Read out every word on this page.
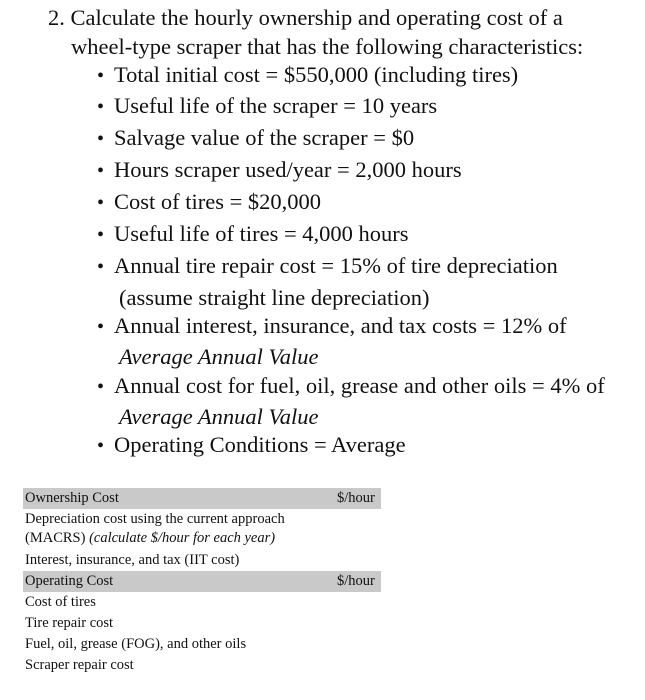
2. Calculate the hourly ownership and operating cost of a
wheel-type scraper that has the following characteristics:
• Total initial cost = $550,000 (including tires)
• Useful life of the scraper = 10 years
• Salvage value of the scraper = $0
• Hours scraper used/year = 2,000 hours
• Cost of tires = $20,000
• Useful life of tires = 4,000 hours
• Annual tire repair cost = 15% of tire depreciation
(assume straight line depreciation)
• Annual interest, insurance, and tax costs = 12% of
Average Annual Value
• Annual cost for fuel, oil, grease and other oils = 4% of
Average Annual Value
• Operating Conditions = Average
Ownership Cost	$/hour
Depreciation cost using the current approach
(MACRS) (calculate $/hour for each year)
Interest, insurance, and tax (IIT cost)
Operating Cost	$/hour
Cost of tires
Tire repair cost
Fuel, oil, grease (FOG), and other oils
Scraper repair cost
